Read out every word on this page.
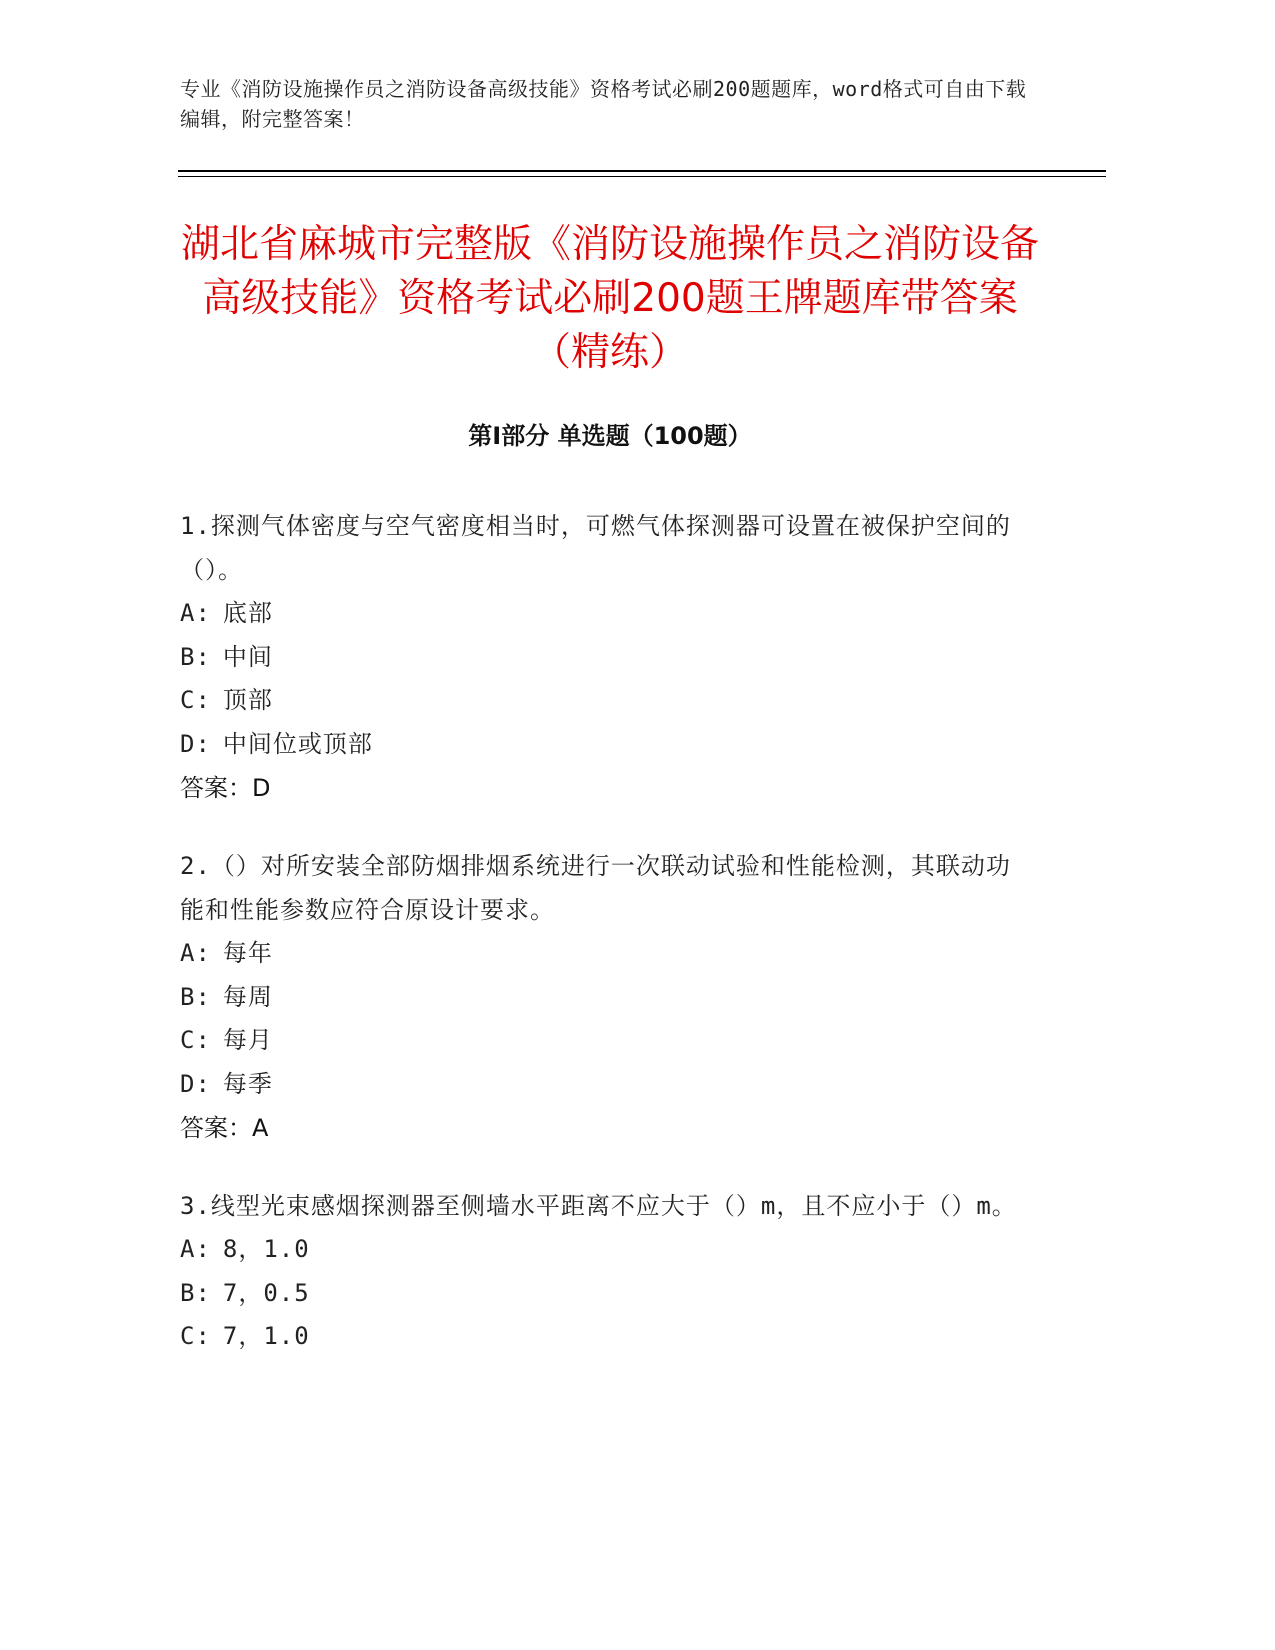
专业《消防设施操作员之消防设备高级技能》资格考试必刷200题题库，word格式可自由下载编辑，附完整答案！
湖北省麻城市完整版《消防设施操作员之消防设备高级技能》资格考试必刷200题王牌题库带答案（精练）
第Ⅰ部分 单选题（100题）

1.探测气体密度与空气密度相当时，可燃气体探测器可设置在被保护空间的（）。

A: 底部

B: 中间

C: 顶部

D: 中间位或顶部

答案：D

2.（）对所安装全部防烟排烟系统进行一次联动试验和性能检测，其联动功能和性能参数应符合原设计要求。

A: 每年

B: 每周

C: 每月

D: 每季

答案：A

3.线型光束感烟探测器至侧墙水平距离不应大于（）m，且不应小于（）m。

A: 8，1.0

B: 7，0.5

C: 7，1.0
